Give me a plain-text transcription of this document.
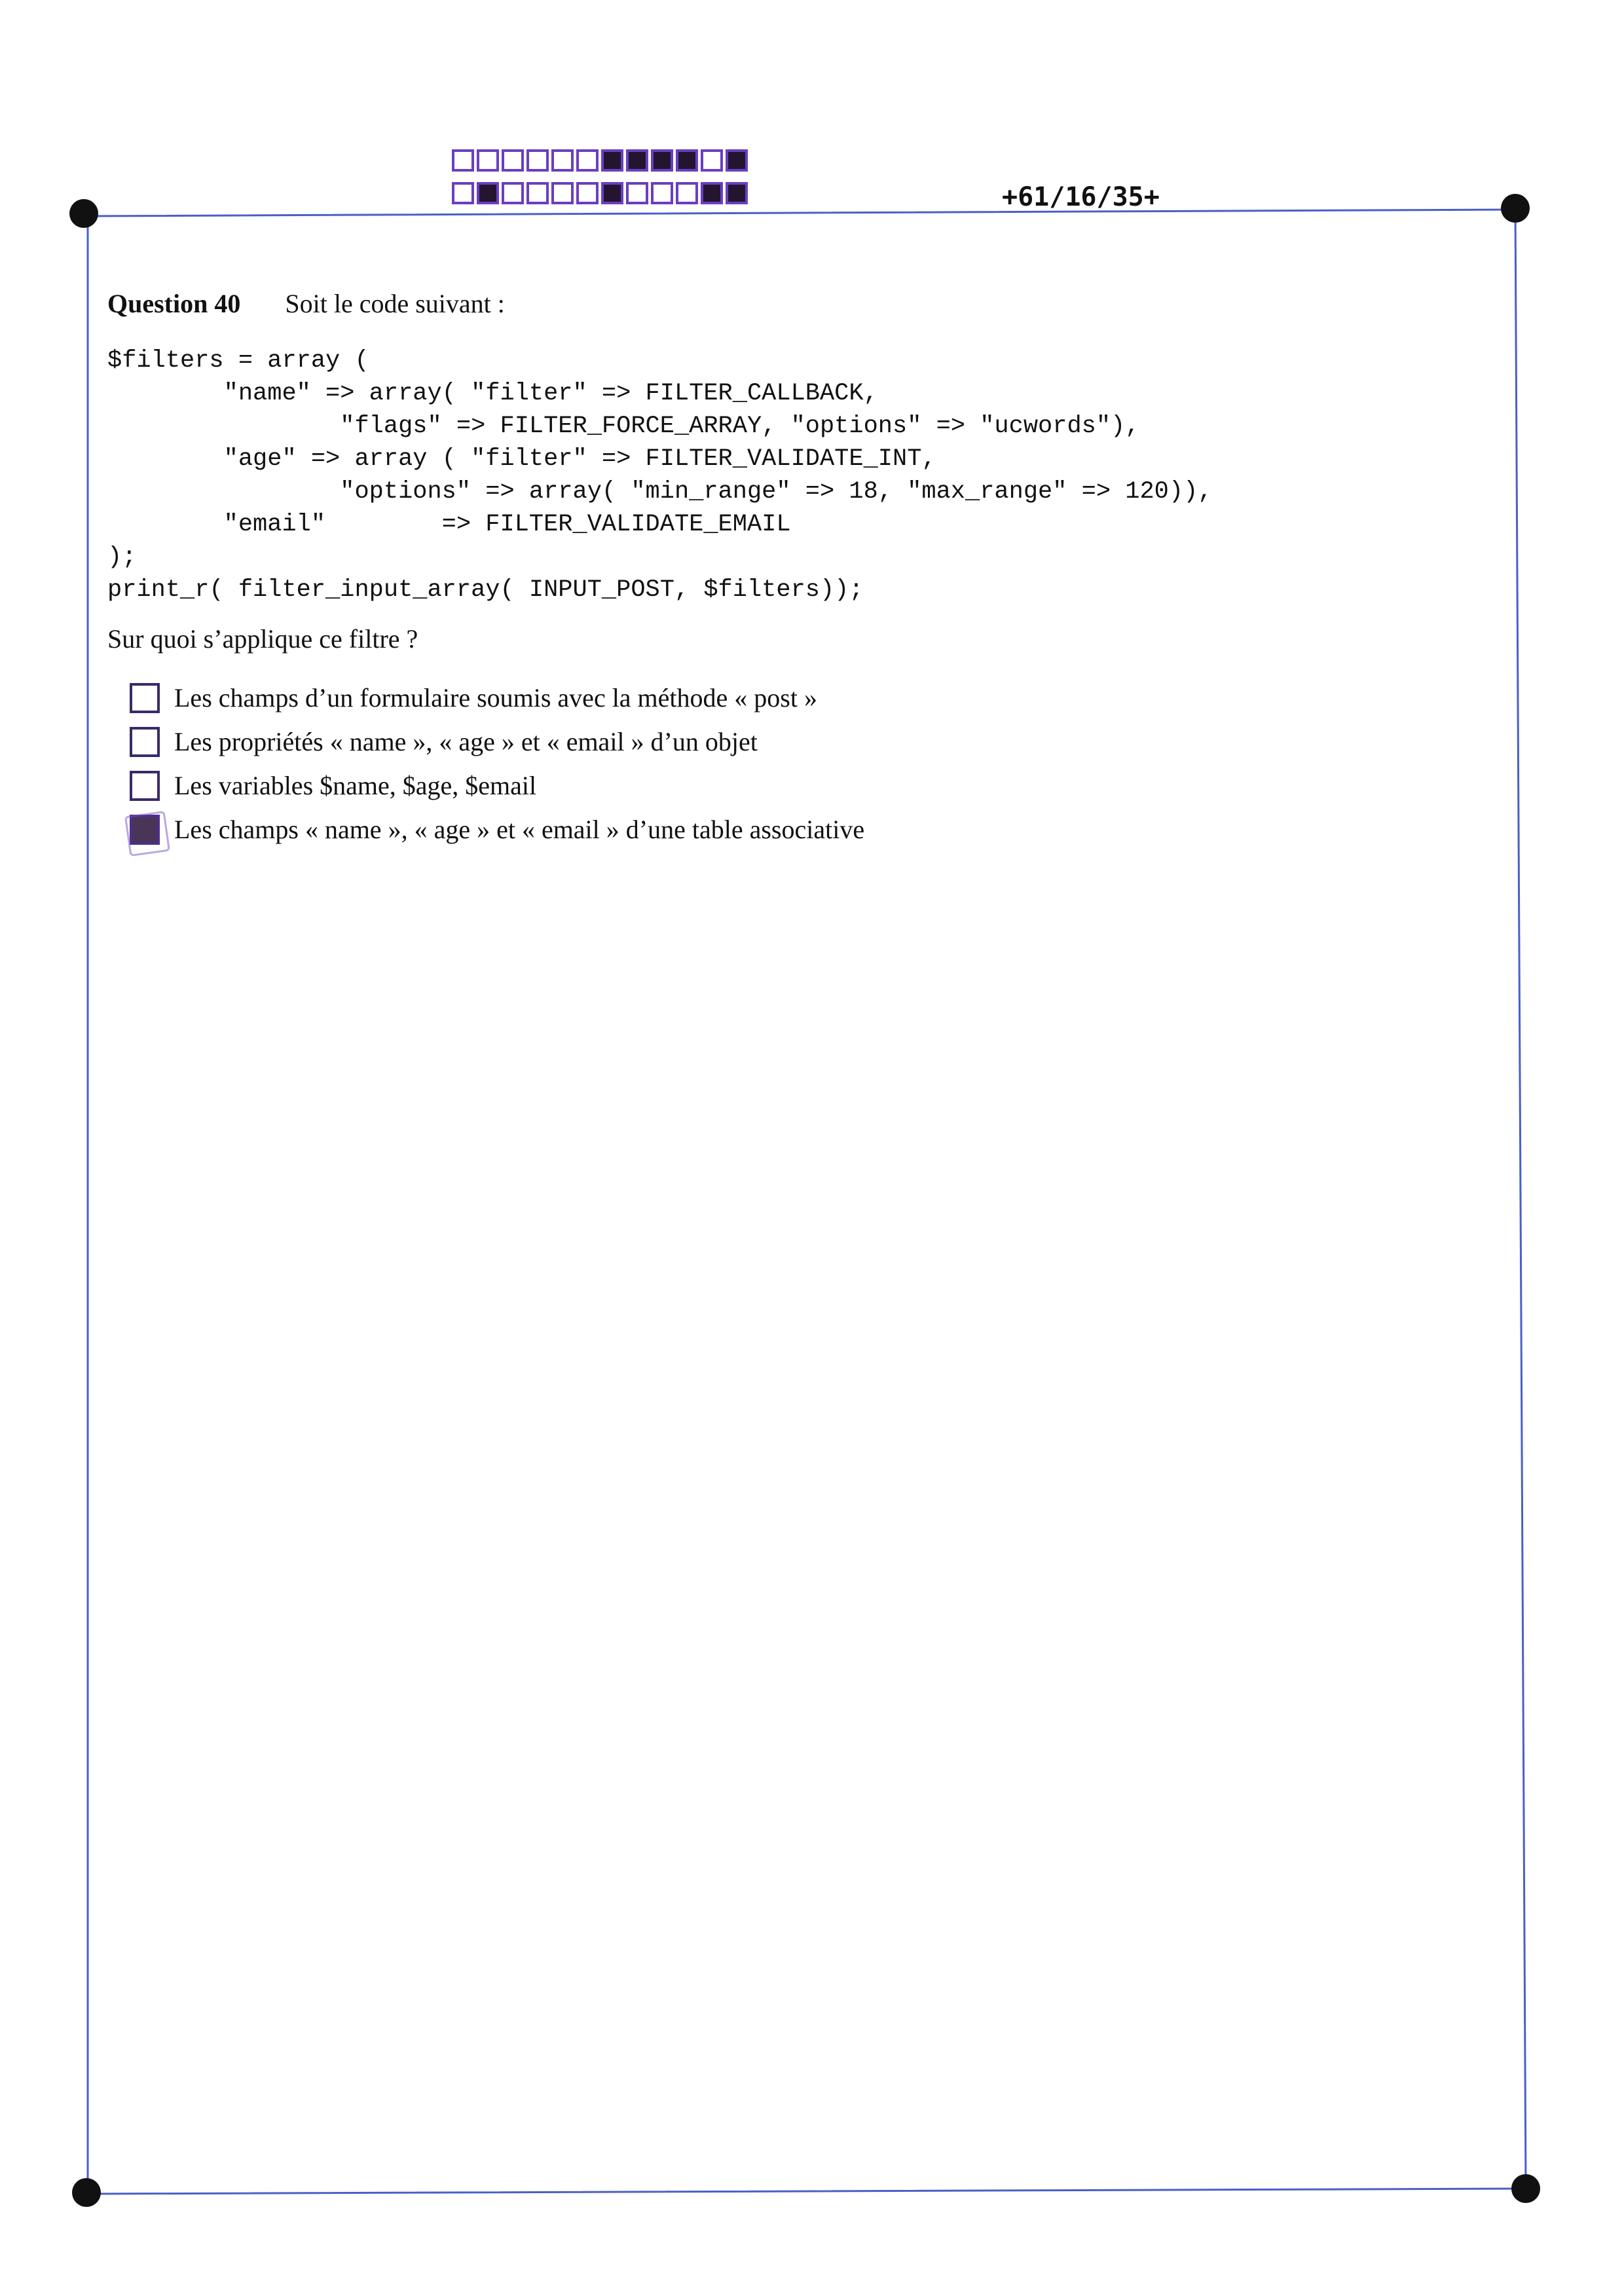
+61/16/35+
Question 40 Soit le code suivant :
$filters = array (
"name" => array( "filter" => FILTER_CALLBACK,
"flags" => FILTER_FORCE_ARRAY, "options" => "ucwords"),
"age" => array ( "filter" => FILTER_VALIDATE_INT,
"options" => array( "min_range" => 18, "max_range" => 120)),
"email"        => FILTER_VALIDATE_EMAIL
);
print_r( filter_input_array( INPUT_POST, $filters));
Sur quoi s’applique ce filtre ?
Les champs d’un formulaire soumis avec la méthode « post »
Les propriétés « name », « age » et « email » d’un objet
Les variables $name, $age, $email
Les champs « name », « age » et « email » d’une table associative
